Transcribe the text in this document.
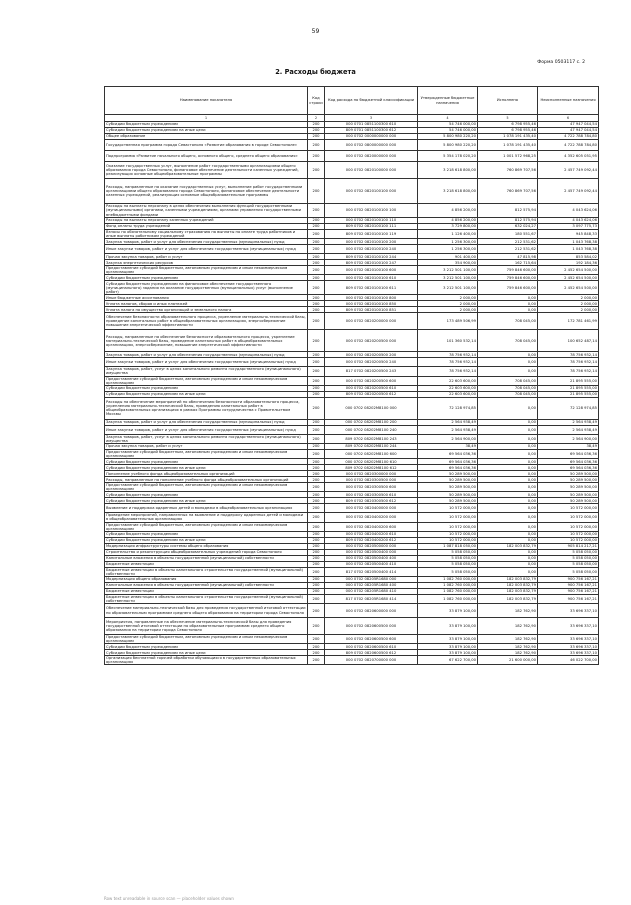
59
Форма 0503117 с. 2
2. Расходы бюджета
Наименование показателя	Код строки	Код расхода по бюджетной классификации	Утвержденные бюджетные назначения	Исполнено	Неисполненные назначения
1	2	3	4	5	6
Субсидии бюджетным учреждениям	200	000 0701 0851100300 610	54 746 000,00	6 798 955,46	47 947 044,54
Субсидии бюджетным учреждениям на иные цели	200	809 0701 0851100300 612	54 746 000,00	6 798 955,46	47 947 044,54
Общее образование	200	000 0702 0000000000 000	5 800 980 220,20	1 078 191 435,40	4 722 788 784,80
Государственная программа города Севастополя «Развитие образования в городе Севастополе»	200	000 0702 0800000000 000	5 800 980 220,20	1 078 191 435,40	4 722 788 784,80
Подпрограмма «Развитие начального общего, основного общего, среднего общего образования»	200	000 0702 0820000000 000	5 354 178 020,20	1 001 572 968,25	4 352 605 051,95
Оказание государственных услуг, выполнение работ государственными организациями общего образования города Севастополя, финансовое обеспечение деятельности казенных учреждений, реализующих основные общеобразовательные программы	200	000 0702 0820100000 000	3 218 618 800,00	760 869 707,56	2 457 749 092,44
Расходы, направленные на оказание государственных услуг, выполнение работ государственными организациями общего образования города Севастополя, финансовое обеспечение деятельности казенных учреждений, реализующих основные общеобразовательные программы	200	000 0702 0820100100 000	3 218 618 800,00	760 869 707,56	2 457 749 092,44
Расходы на выплаты персоналу в целях обеспечения выполнения функций государственными (муниципальными) органами, казенными учреждениями, органами управления государственными внебюджетными фондами	200	000 0702 0820100100 100	4 856 200,00	812 575,94	4 043 624,06
Расходы на выплаты персоналу казенных учреждений	200	000 0702 0820100100 110	4 856 200,00	812 575,94	4 043 624,06
Фонд оплаты труда учреждений	200	809 0702 0820100100 111	3 729 800,00	632 024,27	3 097 775,73
Взносы по обязательному социальному страхованию на выплаты по оплате труда работников и иные выплаты работникам учреждений	200	809 0702 0820100100 119	1 126 400,00	180 551,67	945 848,33
Закупка товаров, работ и услуг для обеспечения государственных (муниципальных) нужд	200	000 0702 0820100100 200	1 256 300,00	212 531,62	1 043 768,38
Иные закупки товаров, работ и услуг для обеспечения государственных (муниципальных) нужд	200	000 0702 0820100100 240	1 256 300,00	212 531,62	1 043 768,38
Прочая закупка товаров, работ и услуг	200	809 0702 0820100100 244	901 400,00	47 815,98	853 584,02
Закупка энергетических ресурсов	200	809 0702 0820100100 247	354 900,00	162 715,64	192 184,36
Предоставление субсидий бюджетным, автономным учреждениям и иным некоммерческим организациям	200	000 0702 0820100100 600	3 212 501 100,00	759 846 600,00	2 452 654 500,00
Субсидии бюджетным учреждениям	200	000 0702 0820100100 610	3 212 501 100,00	759 846 600,00	2 452 654 500,00
Субсидии бюджетным учреждениям на финансовое обеспечение государственного (муниципального) задания на оказание государственных (муниципальных) услуг (выполнение работ)	200	809 0702 0820100100 611	3 212 501 100,00	759 846 600,00	2 452 654 500,00
Иные бюджетные ассигнования	200	000 0702 0820100100 800	2 000,00	0,00	2 000,00
Уплата налогов, сборов и иных платежей	200	000 0702 0820100100 850	2 000,00	0,00	2 000,00
Уплата налога на имущество организаций и земельного налога	200	809 0702 0820100100 851	2 000,00	0,00	2 000,00
Обеспечение безопасности образовательного процесса, укрепление материально-технической базы, проведение капитальных работ в общеобразовательных организациях, энергосбережение повышение энергетической эффективности	200	000 0702 0820200000 000	173 489 506,99	708 045,00	172 781 461,99
Расходы, направленные на обеспечение безопасности образовательного процесса, укрепление материально-технической базы, проведение капитальных работ в общеобразовательных организациях, энергосбережение, повышение энергетической эффективности	200	000 0702 0820200500 000	101 360 532,14	708 045,00	100 652 487,14
Закупка товаров, работ и услуг для обеспечения государственных (муниципальных) нужд	200	000 0702 0820200500 200	78 756 932,14	0,00	78 756 932,14
Иные закупки товаров, работ и услуг для обеспечения государственных (муниципальных) нужд	200	000 0702 0820200500 240	78 756 932,14	0,00	78 756 932,14
Закупка товаров, работ, услуг в целях капитального ремонта государственного (муниципального) имущества	200	817 0702 0820200500 243	78 756 932,14	0,00	78 756 932,14
Предоставление субсидий бюджетным, автономным учреждениям и иным некоммерческим организациям	200	000 0702 0820200500 600	22 603 600,00	708 045,00	21 895 555,00
Субсидии бюджетным учреждениям	200	000 0702 0820200500 610	22 603 600,00	708 045,00	21 895 555,00
Субсидии бюджетным учреждениям на иные цели	200	809 0702 0820200500 612	22 603 600,00	708 045,00	21 895 555,00
Расходы на обеспечение мероприятий по обеспечению безопасности образовательного процесса, укреплению материально-технической базы, проведению капитальных работ в общеобразовательных организациях в рамках Программы сотрудничества с Правительством Москвы	200	000 0702 08202М8100 000	72 128 974,85	0,00	72 128 974,85
Закупка товаров, работ и услуг для обеспечения государственных (муниципальных) нужд	200	000 0702 08202М8100 200	2 564 938,49	0,00	2 564 938,49
Иные закупки товаров, работ и услуг для обеспечения государственных (муниципальных) нужд	200	000 0702 08202М8100 240	2 564 938,49	0,00	2 564 938,49
Закупка товаров, работ, услуг в целях капитального ремонта государственного (муниципального) имущества	200	809 0702 08202М8100 243	2 564 900,00	0,00	2 564 900,00
Прочая закупка товаров, работ и услуг	200	809 0702 08202М8100 244	38,49	0,00	38,49
Предоставление субсидий бюджетным, автономным учреждениям и иным некоммерческим организациям	200	000 0702 08202М8100 600	69 564 036,36	0,00	69 564 036,36
Субсидии бюджетным учреждениям	200	000 0702 08202М8100 610	69 564 036,36	0,00	69 564 036,36
Субсидии бюджетным учреждениям на иные цели	200	809 0702 08202М8100 612	69 564 036,36	0,00	69 564 036,36
Пополнение учебного фонда общеобразовательных организаций	200	000 0702 0820300000 000	50 289 500,00	0,00	50 289 500,00
Расходы, направленные на пополнение учебного фонда общеобразовательных организаций	200	000 0702 0820300500 000	50 289 500,00	0,00	50 289 500,00
Предоставление субсидий бюджетным, автономным учреждениям и иным некоммерческим организациям	200	000 0702 0820300500 600	50 289 500,00	0,00	50 289 500,00
Субсидии бюджетным учреждениям	200	000 0702 0820300500 610	50 289 500,00	0,00	50 289 500,00
Субсидии бюджетным учреждениям на иные цели	200	809 0702 0820300500 612	50 289 500,00	0,00	50 289 500,00
Выявление и поддержка одаренных детей и молодежи в общеобразовательных организациях	200	000 0702 0820400000 000	10 572 000,00	0,00	10 572 000,00
Проведение мероприятий, направленных на выявление и поддержку одаренных детей и молодежи в общеобразовательных организациях	200	000 0702 0820400200 000	10 572 000,00	0,00	10 572 000,00
Предоставление субсидий бюджетным, автономным учреждениям и иным некоммерческим организациям	200	000 0702 0820400200 600	10 572 000,00	0,00	10 572 000,00
Субсидии бюджетным учреждениям	200	000 0702 0820400200 610	10 572 000,00	0,00	10 572 000,00
Субсидии бюджетным учреждениям на иные цели	200	809 0702 0820400200 612	10 572 000,00	0,00	10 572 000,00
Модернизация инфраструктуры системы общего образования	200	000 0702 0820500000 000	1 087 818 050,00	182 003 832,79	905 814 217,21
Строительство и реконструкция общеобразовательных учреждений города Севастополя	200	000 0702 0820500400 000	5 058 050,00	0,00	5 058 050,00
Капитальные вложения в объекты государственной (муниципальной) собственности	200	000 0702 0820500400 400	5 058 050,00	0,00	5 058 050,00
Бюджетные инвестиции	200	000 0702 0820500400 410	5 058 050,00	0,00	5 058 050,00
Бюджетные инвестиции в объекты капитального строительства государственной (муниципальной) собственности	200	817 0702 0820500400 414	5 058 050,00	0,00	5 058 050,00
Модернизация общего образования	200	000 0702 08205R1680 000	1 082 760 000,00	182 003 832,79	900 756 167,21
Капитальные вложения в объекты государственной (муниципальной) собственности	200	000 0702 08205R1680 400	1 082 760 000,00	182 003 832,79	900 756 167,21
Бюджетные инвестиции	200	000 0702 08205R1680 410	1 082 760 000,00	182 003 832,79	900 756 167,21
Бюджетные инвестиции в объекты капитального строительства государственной (муниципальной) собственности	200	817 0702 08205R1680 414	1 082 760 000,00	182 003 832,79	900 756 167,21
Обеспечение материально-технической базы для проведения государственной итоговой аттестации по образовательным программам среднего общего образования на территории города Севастополя	200	000 0702 0820600000 000	33 879 100,00	182 762,90	33 696 337,10
Мероприятия, направленные на обеспечение материально-технической базы для проведения государственной итоговой аттестации по образовательным программам среднего общего образования на территории города Севастополя	200	000 0702 0820600500 000	33 879 100,00	182 762,90	33 696 337,10
Предоставление субсидий бюджетным, автономным учреждениям и иным некоммерческим организациям	200	000 0702 0820600500 600	33 879 100,00	182 762,90	33 696 337,10
Субсидии бюджетным учреждениям	200	000 0702 0820600500 610	33 879 100,00	182 762,90	33 696 337,10
Субсидии бюджетным учреждениям на иные цели	200	809 0702 0820600500 612	33 879 100,00	182 762,90	33 696 337,10
Организация бесплатной горячей обработки обучающихся в государственных образовательных организациях	200	000 0702 0820700000 000	67 622 700,00	21 600 000,00	46 022 700,00
Row text unreadable in source scan — placeholder values shown
